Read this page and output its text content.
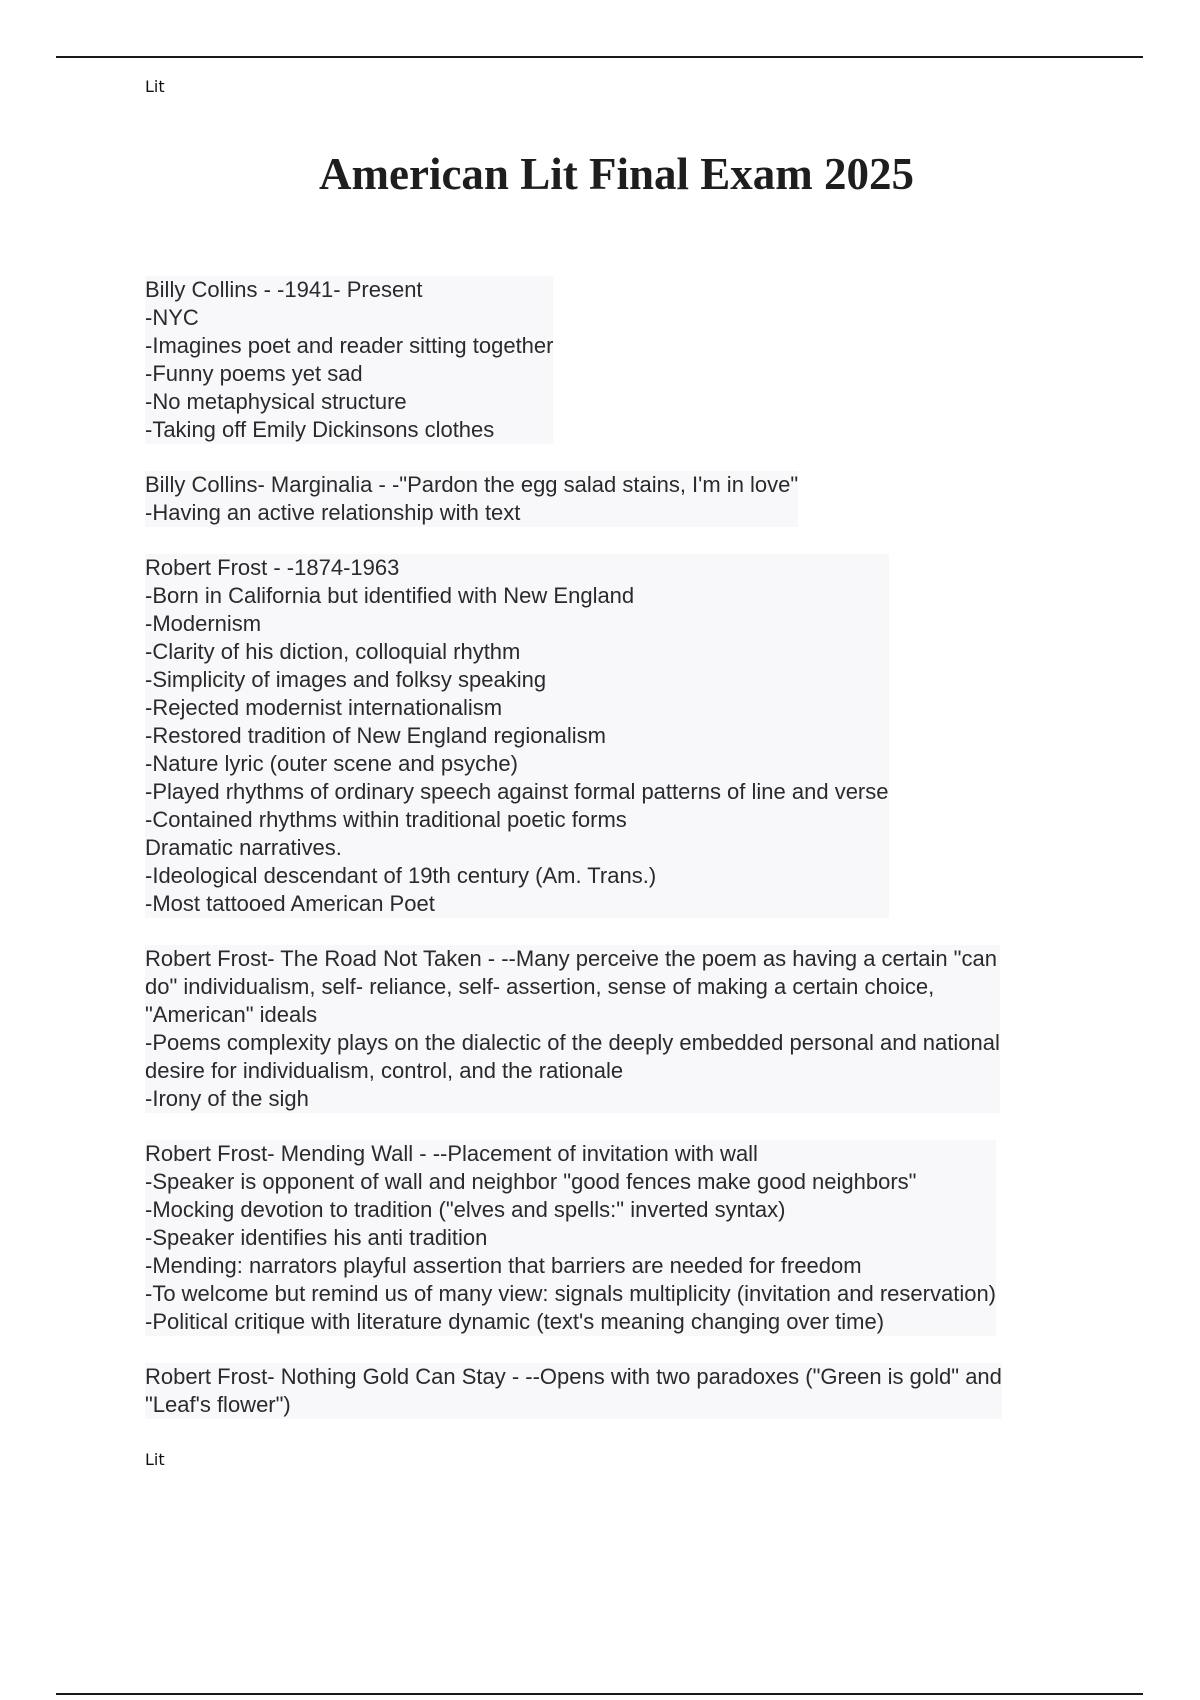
Lit
American Lit Final Exam 2025
Billy Collins - -1941- Present
-NYC
-Imagines poet and reader sitting together
-Funny poems yet sad
-No metaphysical structure
-Taking off Emily Dickinsons clothes
Billy Collins- Marginalia - -"Pardon the egg salad stains, I'm in love"
-Having an active relationship with text
Robert Frost - -1874-1963
-Born in California but identified with New England
-Modernism
-Clarity of his diction, colloquial rhythm
-Simplicity of images and folksy speaking
-Rejected modernist internationalism
-Restored tradition of New England regionalism
-Nature lyric (outer scene and psyche)
-Played rhythms of ordinary speech against formal patterns of line and verse
-Contained rhythms within traditional poetic forms
Dramatic narratives.
-Ideological descendant of 19th century (Am. Trans.)
-Most tattooed American Poet
Robert Frost- The Road Not Taken - --Many perceive the poem as having a certain "can
do" individualism, self- reliance, self- assertion, sense of making a certain choice,
"American" ideals
-Poems complexity plays on the dialectic of the deeply embedded personal and national
desire for individualism, control, and the rationale
-Irony of the sigh
Robert Frost- Mending Wall - --Placement of invitation with wall
-Speaker is opponent of wall and neighbor "good fences make good neighbors"
-Mocking devotion to tradition ("elves and spells:" inverted syntax)
-Speaker identifies his anti tradition
-Mending: narrators playful assertion that barriers are needed for freedom
-To welcome but remind us of many view: signals multiplicity (invitation and reservation)
-Political critique with literature dynamic (text's meaning changing over time)
Robert Frost- Nothing Gold Can Stay - --Opens with two paradoxes ("Green is gold" and
"Leaf's flower")
Lit
